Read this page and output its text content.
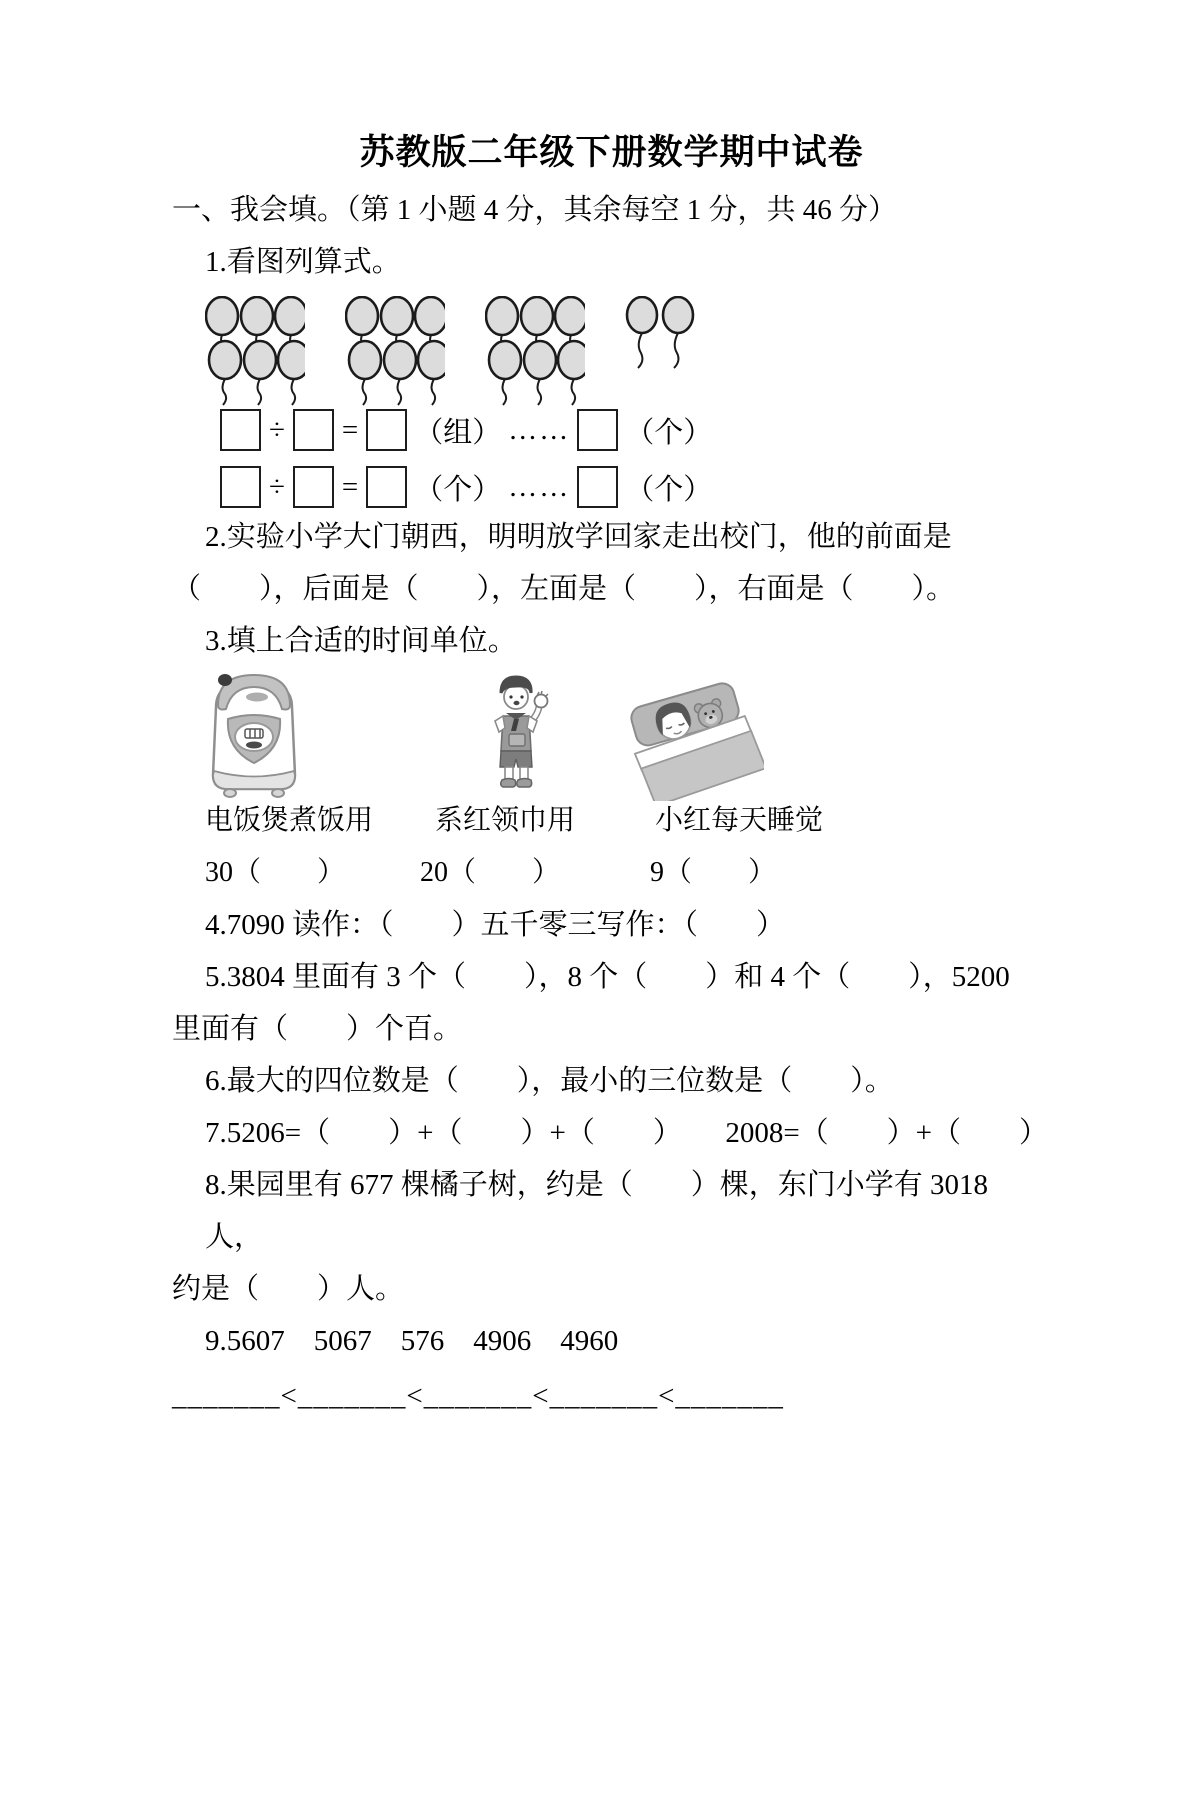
苏教版二年级下册数学期中试卷

一、我会填。（第 1 小题 4 分，其余每空 1 分，共 46 分）

1.看图列算式。

÷ = （组） …… （个）
÷ = （个） …… （个）

2.实验小学大门朝西，明明放学回家走出校门，他的前面是

（　　），后面是（　　），左面是（　　），右面是（　　）。

3.填上合适的时间单位。

电饭煲煮饭用 系红领巾用	小红每天睡觉
30（　　）	20（　　）	9（　　）

4.7090 读作：（　　）五千零三写作：（　　）

5.3804 里面有 3 个（　　），8 个（　　）和 4 个（　　），5200

里面有（　　）个百。

6.最大的四位数是（　　），最小的三位数是（　　）。

7.5206=（　　）+（　　）+（　　）　　2008=（　　）+（　　）

8.果园里有 677 棵橘子树，约是（　　）棵，东门小学有 3018 人，

约是（　　）人。

9.5607　5067　576　4906　4960

_______<_______<_______<_______<_______
